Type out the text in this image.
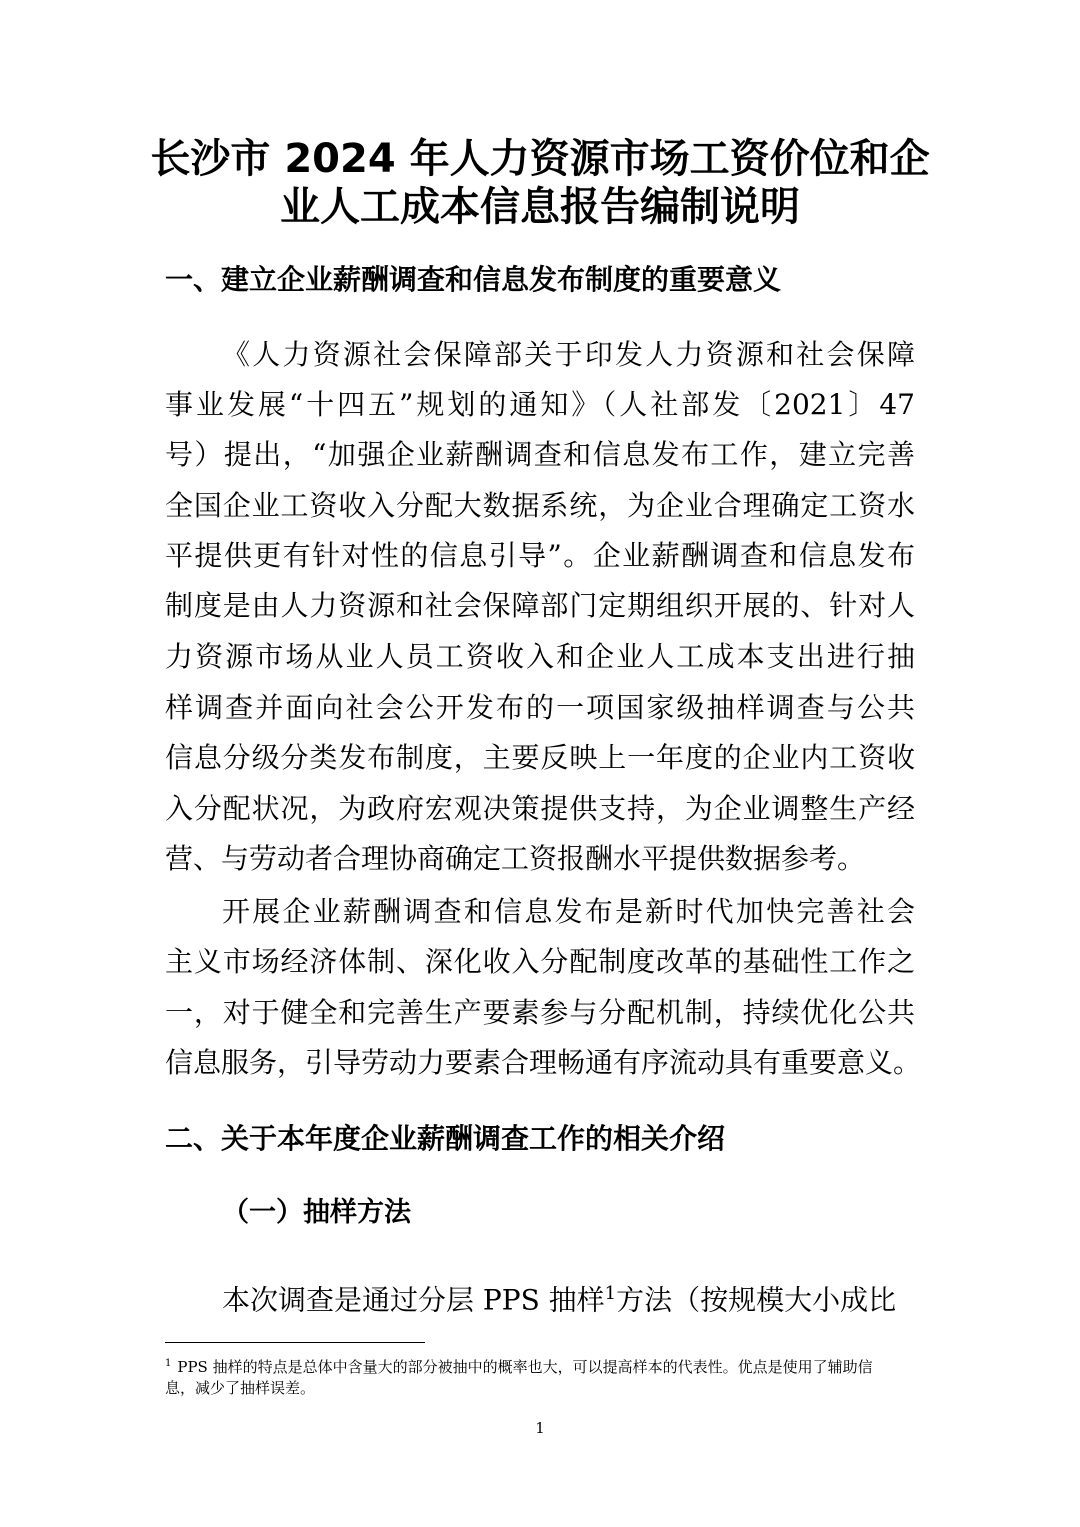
长沙市 2024 年人力资源市场工资价位和企
业人工成本信息报告编制说明
一、建立企业薪酬调查和信息发布制度的重要意义
《人力资源社会保障部关于印发人力资源和社会保障
事业发展“十四五”规划的通知》（人社部发〔2021〕47
号）提出，“加强企业薪酬调查和信息发布工作，建立完善
全国企业工资收入分配大数据系统，为企业合理确定工资水
平提供更有针对性的信息引导”。企业薪酬调查和信息发布
制度是由人力资源和社会保障部门定期组织开展的、针对人
力资源市场从业人员工资收入和企业人工成本支出进行抽
样调查并面向社会公开发布的一项国家级抽样调查与公共
信息分级分类发布制度，主要反映上一年度的企业内工资收
入分配状况，为政府宏观决策提供支持，为企业调整生产经
营、与劳动者合理协商确定工资报酬水平提供数据参考。
开展企业薪酬调查和信息发布是新时代加快完善社会
主义市场经济体制、深化收入分配制度改革的基础性工作之
一，对于健全和完善生产要素参与分配机制，持续优化公共
信息服务，引导劳动力要素合理畅通有序流动具有重要意义。
二、关于本年度企业薪酬调查工作的相关介绍
（一）抽样方法
本次调查是通过分层 PPS 抽样$^1$方法（按规模大小成比
$^1$ PPS 抽样的特点是总体中含量大的部分被抽中的概率也大，可以提高样本的代表性。优点是使用了辅助信
息，减少了抽样误差。
1
